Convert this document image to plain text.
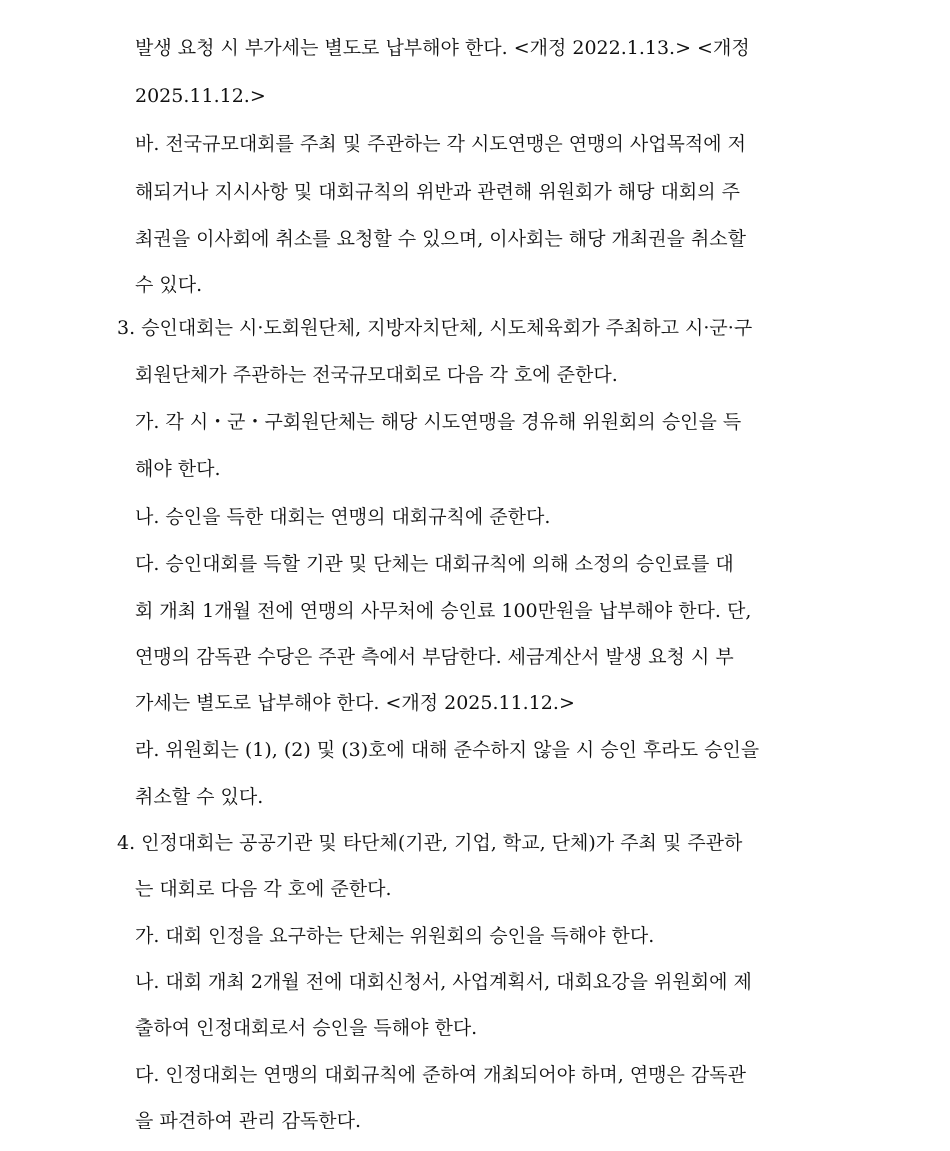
발생 요청 시 부가세는 별도로 납부해야 한다. <개정 2022.1.13.> <개정
2025.11.12.>
바. 전국규모대회를 주최 및 주관하는 각 시도연맹은 연맹의 사업목적에 저
해되거나 지시사항 및 대회규칙의 위반과 관련해 위원회가 해당 대회의 주
최권을 이사회에 취소를 요청할 수 있으며, 이사회는 해당 개최권을 취소할
수 있다.
3. 승인대회는 시·도회원단체, 지방자치단체, 시도체육회가 주최하고 시·군·구
회원단체가 주관하는 전국규모대회로 다음 각 호에 준한다.
가. 각 시・군・구회원단체는 해당 시도연맹을 경유해 위원회의 승인을 득
해야 한다.
나. 승인을 득한 대회는 연맹의 대회규칙에 준한다.
다. 승인대회를 득할 기관 및 단체는 대회규칙에 의해 소정의 승인료를 대
회 개최 1개월 전에 연맹의 사무처에 승인료 100만원을 납부해야 한다. 단,
연맹의 감독관 수당은 주관 측에서 부담한다. 세금계산서 발생 요청 시 부
가세는 별도로 납부해야 한다. <개정 2025.11.12.>
라. 위원회는 (1), (2) 및 (3)호에 대해 준수하지 않을 시 승인 후라도 승인을
취소할 수 있다.
4. 인정대회는 공공기관 및 타단체(기관, 기업, 학교, 단체)가 주최 및 주관하
는 대회로 다음 각 호에 준한다.
가. 대회 인정을 요구하는 단체는 위원회의 승인을 득해야 한다.
나. 대회 개최 2개월 전에 대회신청서, 사업계획서, 대회요강을 위원회에 제
출하여 인정대회로서 승인을 득해야 한다.
다. 인정대회는 연맹의 대회규칙에 준하여 개최되어야 하며, 연맹은 감독관
을 파견하여 관리 감독한다.
